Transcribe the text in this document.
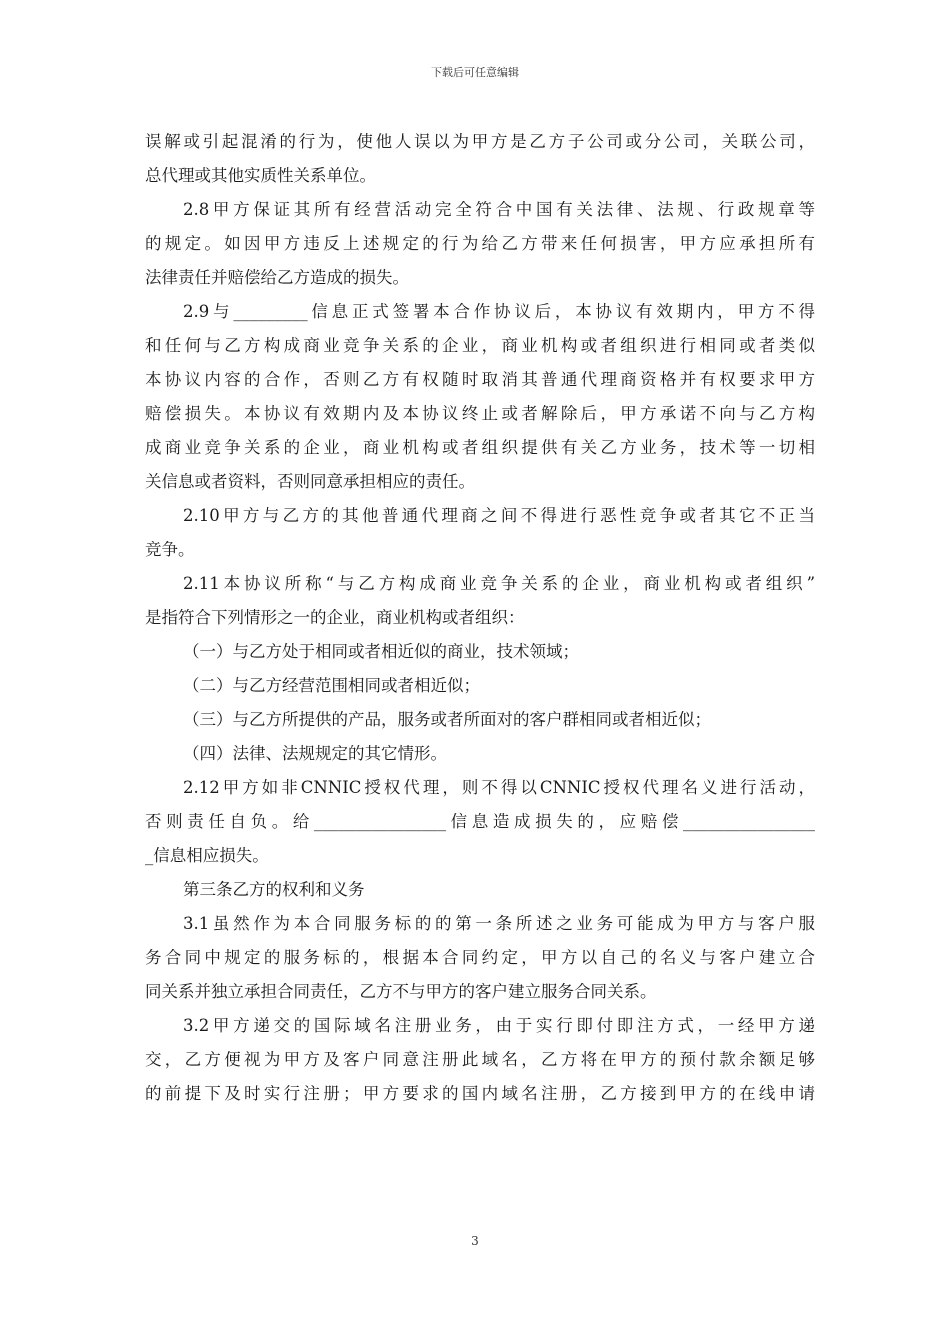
下载后可任意编辑
误解或引起混淆的行为，使他人误以为甲方是乙方子公司或分公司，关联公司，
总代理或其他实质性关系单位。
2.8甲方保证其所有经营活动完全符合中国有关法律、法规、行政规章等
的规定。如因甲方违反上述规定的行为给乙方带来任何损害，甲方应承担所有
法律责任并赔偿给乙方造成的损失。
2.9与_________信息正式签署本合作协议后，本协议有效期内，甲方不得
和任何与乙方构成商业竞争关系的企业，商业机构或者组织进行相同或者类似
本协议内容的合作，否则乙方有权随时取消其普通代理商资格并有权要求甲方
赔偿损失。本协议有效期内及本协议终止或者解除后，甲方承诺不向与乙方构
成商业竞争关系的企业，商业机构或者组织提供有关乙方业务，技术等一切相
关信息或者资料，否则同意承担相应的责任。
2.10甲方与乙方的其他普通代理商之间不得进行恶性竞争或者其它不正当
竞争。
2.11本协议所称“与乙方构成商业竞争关系的企业，商业机构或者组织”
是指符合下列情形之一的企业，商业机构或者组织：
（一）与乙方处于相同或者相近似的商业，技术领域；
（二）与乙方经营范围相同或者相近似；
（三）与乙方所提供的产品，服务或者所面对的客户群相同或者相近似；
（四）法律、法规规定的其它情形。
2.12甲方如非CNNIC授权代理，则不得以CNNIC授权代理名义进行活动，
否则责任自负。给________________信息造成损失的，应赔偿________________
_信息相应损失。
第三条乙方的权利和义务
3.1虽然作为本合同服务标的的第一条所述之业务可能成为甲方与客户服
务合同中规定的服务标的，根据本合同约定，甲方以自己的名义与客户建立合
同关系并独立承担合同责任，乙方不与甲方的客户建立服务合同关系。
3.2甲方递交的国际域名注册业务，由于实行即付即注方式，一经甲方递
交，乙方便视为甲方及客户同意注册此域名，乙方将在甲方的预付款余额足够
的前提下及时实行注册；甲方要求的国内域名注册，乙方接到甲方的在线申请
3
